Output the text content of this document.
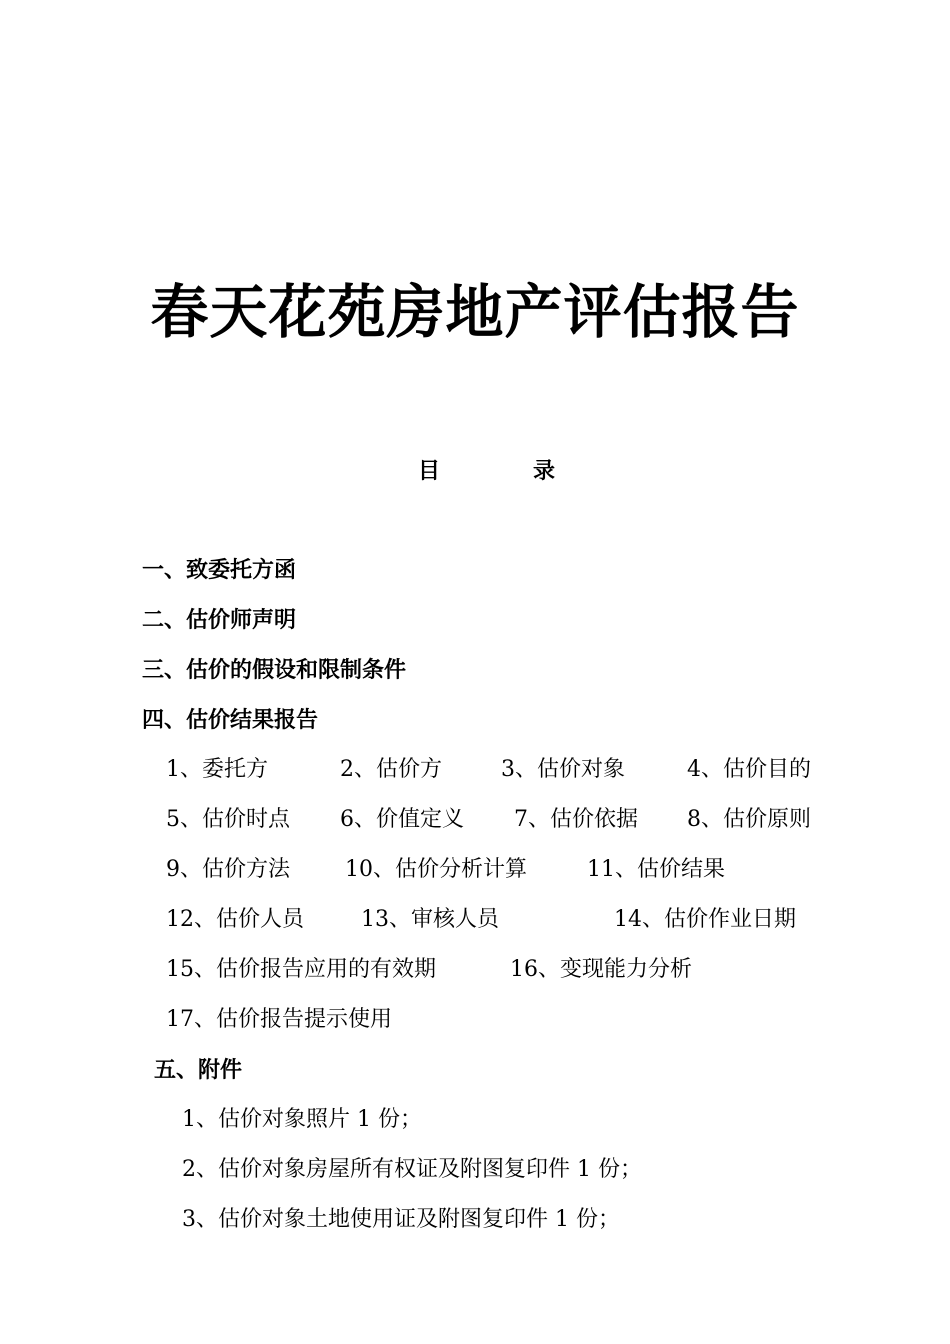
春天花苑房地产评估报告
目	录
一、致委托方函
二、估价师声明
三、估价的假设和限制条件
四、估价结果报告
1、委托方	2、估价方	3、估价对象	4、估价目的
5、估价时点 6、价值定义 7、估价依据 8、估价原则
9、估价方法	10、估价分析计算	11、估价结果
12、估价人员	13、审核人员	14、估价作业日期
15、估价报告应用的有效期	16、变现能力分析
17、估价报告提示使用
五、附件
1、估价对象照片 1 份；
2、估价对象房屋所有权证及附图复印件 1 份；
3、估价对象土地使用证及附图复印件 1 份；
